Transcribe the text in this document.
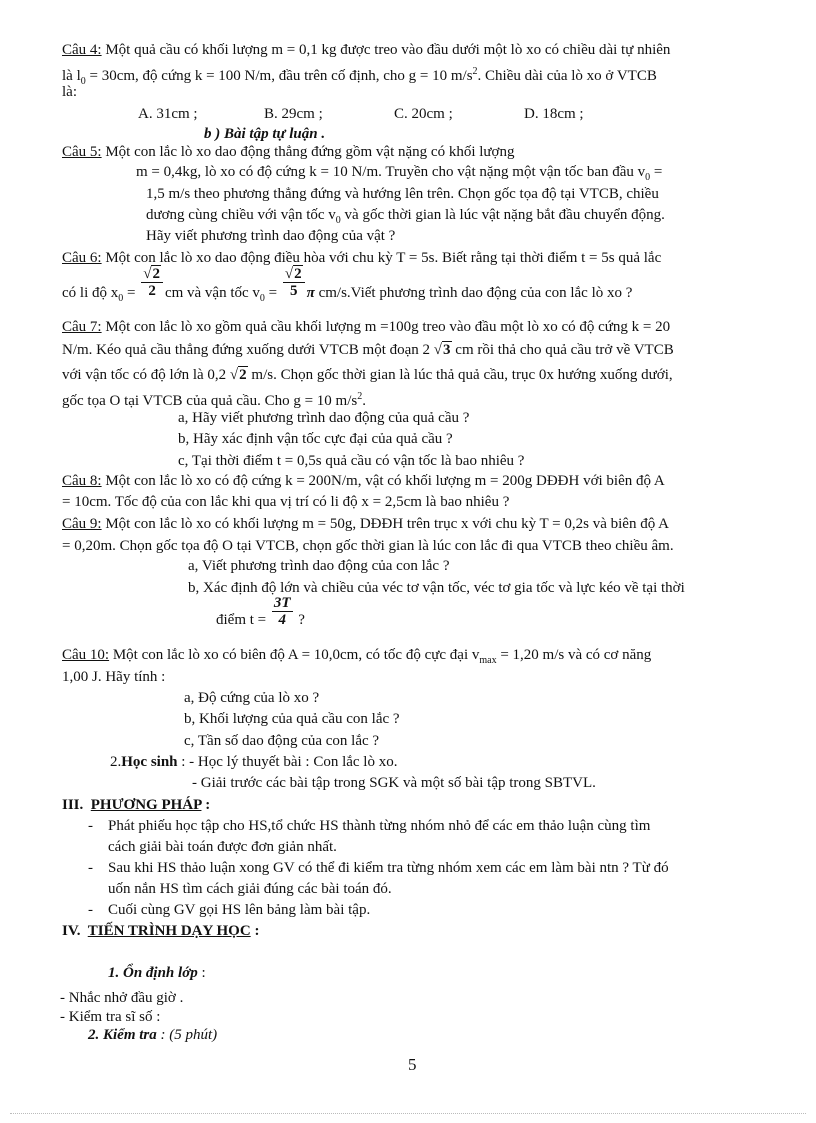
Câu 4: Một quả cầu có khối lượng m = 0,1 kg được treo vào đầu dưới một lò xo có chiều dài tự nhiên
là $l_0 = 30cm$, độ cứng k = 100 N/m, đầu trên cố định, cho g = 10 $m/s^2$. Chiều dài của lò xo ở VTCB
là:
A. 31cm ;	B. 29cm ;	C. 20cm ;	D. 18cm ;
b ) Bài tập tự luận .
Câu 5: Một con lắc lò xo dao động thẳng đứng gồm vật nặng có khối lượng
m = 0,4kg, lò xo có độ cứng k = 10 N/m. Truyền cho vật nặng một vận tốc ban đầu $v_0$ =
1,5 m/s theo phương thẳng đứng và hướng lên trên. Chọn gốc tọa độ tại VTCB, chiều
dương cùng chiều với vận tốc $v_0$ và gốc thời gian là lúc vật nặng bắt đầu chuyển động.
Hãy viết phương trình dao động của vật ?
Câu 6: Một con lắc lò xo dao động điều hòa với chu kỳ T = 5s. Biết rằng tại thời điểm t = 5s quả lắc
có li độ $x_0 = \frac{√2}{2}$ cm và vận tốc $v_0 = \frac{√2}{5}$ π cm/s.Viết phương trình dao động của con lắc lò xo ?
Câu 7: Một con lắc lò xo gồm quả cầu khối lượng m =100g treo vào đầu một lò xo có độ cứng k = 20
N/m. Kéo quả cầu thẳng đứng xuống dưới VTCB một đoạn 2 √3 cm rồi thả cho quả cầu trở về VTCB
với vận tốc có độ lớn là 0,2 √2 m/s. Chọn gốc thời gian là lúc thả quả cầu, trục 0x hướng xuống dưới,
gốc tọa O tại VTCB của quả cầu. Cho g = 10 $m/s^2$.
a, Hãy viết phương trình dao động của quả cầu ?
b, Hãy xác định vận tốc cực đại của quả cầu ?
c, Tại thời điểm t = 0,5s quả cầu có vận tốc là bao nhiêu ?
Câu 8: Một con lắc lò xo có độ cứng k = 200N/m, vật có khối lượng m = 200g DĐĐH với biên độ A
= 10cm. Tốc độ của con lắc khi qua vị trí có li độ x = 2,5cm là bao nhiêu ?
Câu 9: Một con lắc lò xo có khối lượng m = 50g, DĐĐH trên trục x với chu kỳ T = 0,2s và biên độ A
= 0,20m. Chọn gốc tọa độ O tại VTCB, chọn gốc thời gian là lúc con lắc đi qua VTCB theo chiều âm.
a, Viết phương trình dao động của con lắc ?
b, Xác định độ lớn và chiều của véc tơ vận tốc, véc tơ gia tốc và lực kéo về tại thời
điểm $t = \frac{3T}{4}$ ?
Câu 10: Một con lắc lò xo có biên độ A = 10,0cm, có tốc độ cực đại $v_{max} = 1,20$ m/s và có cơ năng
1,00 J. Hãy tính :
a, Độ cứng của lò xo ?
b, Khối lượng của quả cầu con lắc ?
c, Tần số dao động của con lắc ?
2.Học sinh : - Học lý thuyết bài : Con lắc lò xo.
- Giải trước các bài tập trong SGK và một số bài tập trong SBTVL.
III. PHƯƠNG PHÁP :
- Phát phiếu học tập cho HS,tổ chức HS thành từng nhóm nhỏ để các em thảo luận cùng tìm
cách giải bài toán được đơn giản nhất.
- Sau khi HS thảo luận xong GV có thể đi kiểm tra từng nhóm xem các em làm bài ntn ? Từ đó
uốn nắn HS tìm cách giải đúng các bài toán đó.
- Cuối cùng GV gọi HS lên bảng làm bài tập.
IV. TIẾN TRÌNH DẠY HỌC :
1. Ổn định lớp :
- Nhắc nhở đầu giờ .
- Kiểm tra sĩ số :
2. Kiểm tra : (5 phút)
5
